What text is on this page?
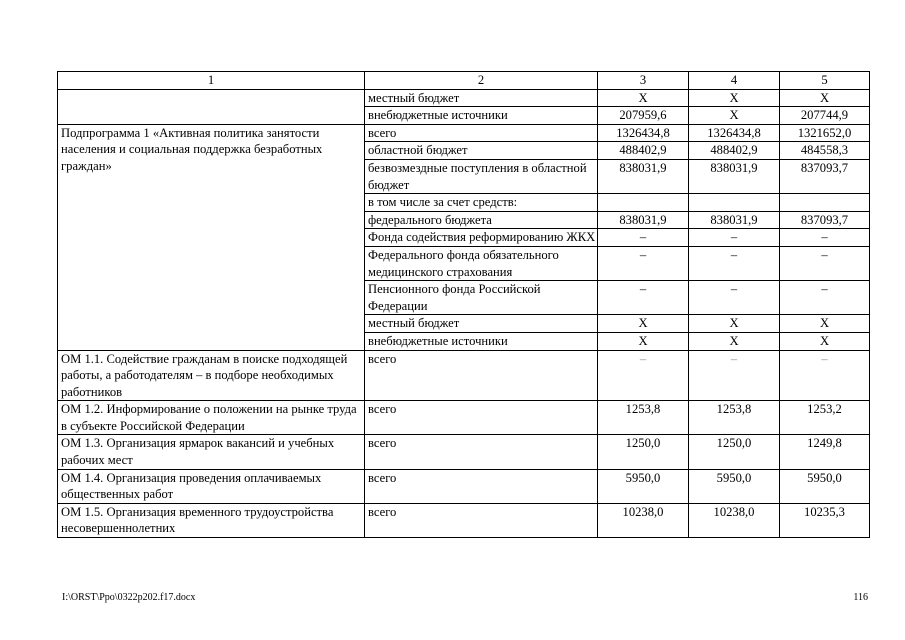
1	2	3	4	5
	местный бюджет	Х	Х	Х
	внебюджетные источники	207959,6	Х	207744,9
Подпрограмма 1 «Активная политика занятости населения и социальная поддержка безработных граждан»	всего	1326434,8	1326434,8	1321652,0
	областной бюджет	488402,9	488402,9	484558,3
	безвозмездные поступления в областной бюджет	838031,9	838031,9	837093,7
	в том числе за счет средств:			
	федерального бюджета	838031,9	838031,9	837093,7
	Фонда содействия реформированию ЖКХ	–	–	–
	Федерального фонда обязательного медицинского страхования	–	–	–
	Пенсионного фонда Российской Федерации	–	–	–
	местный бюджет	Х	Х	Х
	внебюджетные источники	Х	Х	Х
ОМ 1.1. Содействие гражданам в поиске подходящей работы, а работодателям – в подборе необходимых работников	всего	–	–	–
ОМ 1.2. Информирование о положении на рынке труда в субъекте Российской Федерации	всего	1253,8	1253,8	1253,2
ОМ 1.3. Организация ярмарок вакансий и учебных рабочих мест	всего	1250,0	1250,0	1249,8
ОМ 1.4. Организация проведения оплачиваемых общественных работ	всего	5950,0	5950,0	5950,0
ОМ 1.5. Организация временного трудоустройства несовершеннолетних	всего	10238,0	10238,0	10235,3
I:\ORST\Ppo\0322p202.f17.docx	116
